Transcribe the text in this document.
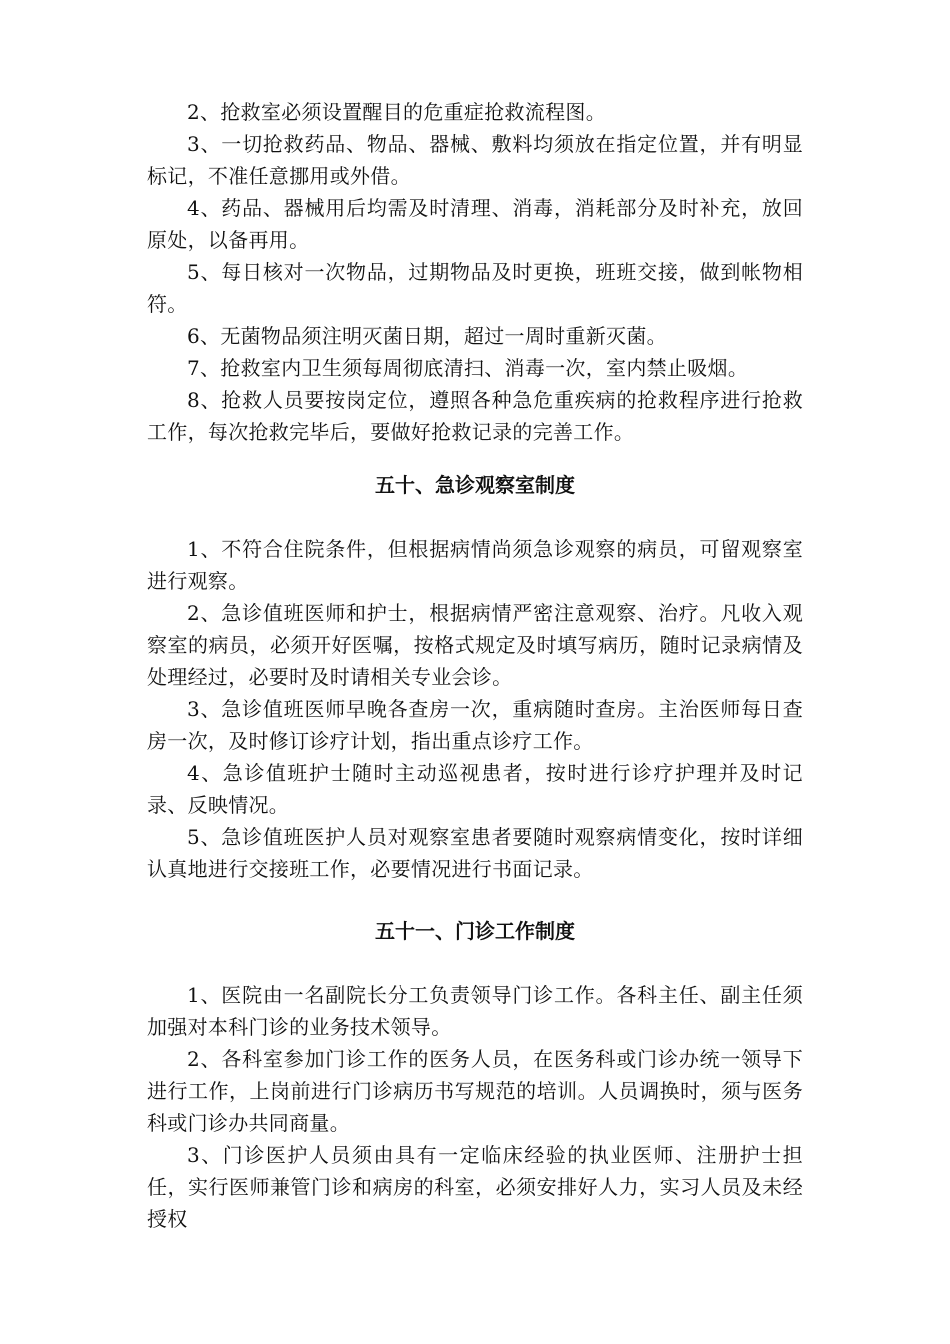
2、抢救室必须设置醒目的危重症抢救流程图。

3、一切抢救药品、物品、器械、敷料均须放在指定位置，并有明显标记，不准任意挪用或外借。

4、药品、器械用后均需及时清理、消毒，消耗部分及时补充，放回原处，以备再用。

5、每日核对一次物品，过期物品及时更换，班班交接，做到帐物相符。

6、无菌物品须注明灭菌日期，超过一周时重新灭菌。

7、抢救室内卫生须每周彻底清扫、消毒一次，室内禁止吸烟。

8、抢救人员要按岗定位，遵照各种急危重疾病的抢救程序进行抢救工作，每次抢救完毕后，要做好抢救记录的完善工作。

五十、急诊观察室制度

1、不符合住院条件，但根据病情尚须急诊观察的病员，可留观察室进行观察。

2、急诊值班医师和护士，根据病情严密注意观察、治疗。凡收入观察室的病员，必须开好医嘱，按格式规定及时填写病历，随时记录病情及处理经过，必要时及时请相关专业会诊。

3、急诊值班医师早晚各查房一次，重病随时查房。主治医师每日查房一次，及时修订诊疗计划，指出重点诊疗工作。

4、急诊值班护士随时主动巡视患者，按时进行诊疗护理并及时记录、反映情况。

5、急诊值班医护人员对观察室患者要随时观察病情变化，按时详细认真地进行交接班工作，必要情况进行书面记录。

五十一、门诊工作制度

1、医院由一名副院长分工负责领导门诊工作。各科主任、副主任须加强对本科门诊的业务技术领导。

2、各科室参加门诊工作的医务人员，在医务科或门诊办统一领导下进行工作，上岗前进行门诊病历书写规范的培训。人员调换时，须与医务科或门诊办共同商量。

3、门诊医护人员须由具有一定临床经验的执业医师、注册护士担任，实行医师兼管门诊和病房的科室，必须安排好人力，实习人员及未经授权
